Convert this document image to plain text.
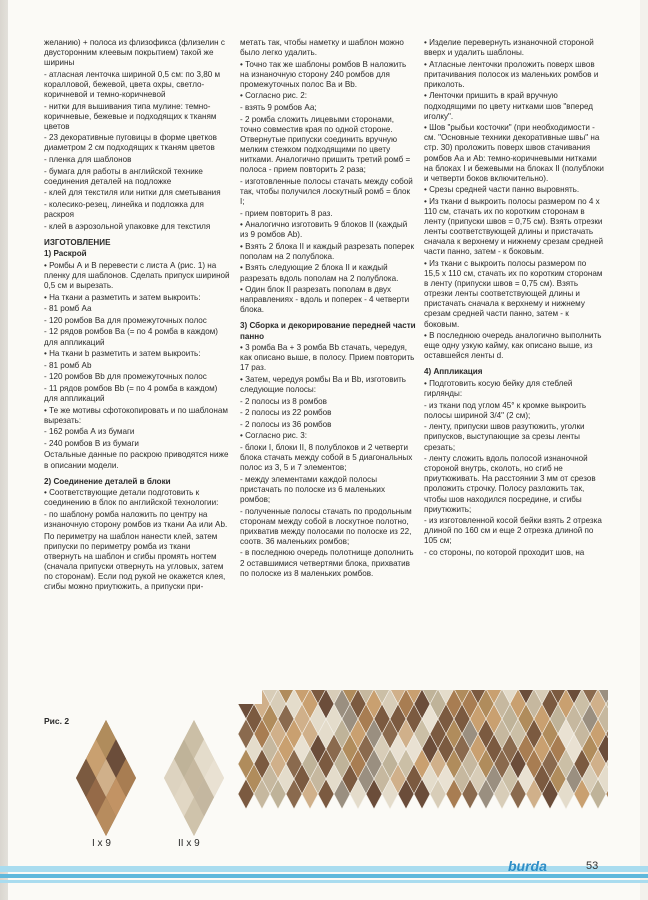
желанию) + полоса из флизофикса (флизелин с двусторонним клеевым покрытием) такой же ширины

- атласная ленточка шириной 0,5 см: по 3,80 м коралловой, бежевой, цвета охры, светло-коричневой и темно-коричневой

- нитки для вышивания типа мулине: темно-коричневые, бежевые и подходящих к тканям цветов

- 23 декоративные пуговицы в форме цветков диаметром 2 см подходящих к тканям цветов

- пленка для шаблонов

- бумага для работы в английской технике соединения деталей на подложке

- клей для текстиля или нитки для сметывания

- колесико-резец, линейка и подложка для раскроя

- клей в аэрозольной упаковке для текстиля

ИЗГОТОВЛЕНИЕ

1) Раскрой

• Ромбы А и В перевести с листа А (рис. 1) на пленку для шаблонов. Сделать припуск шириной 0,5 см и вырезать.

• На ткани а разметить и затем выкроить:

- 81 ромб Аа

- 120 ромбов Ва для промежуточных полос

- 12 рядов ромбов Ва (= по 4 ромба в каждом) для аппликаций

• На ткани b разметить и затем выкроить:

- 81 ромб Ab

- 120 ромбов Bb для промежуточных полос

- 11 рядов ромбов Bb (= по 4 ромба в каждом) для аппликаций

• Те же мотивы сфотокопировать и по шаблонам вырезать:

- 162 ромба А из бумаги

- 240 ромбов В из бумаги

Остальные данные по раскрою приводятся ниже в описании модели.

2) Соединение деталей в блоки

• Соответствующие детали подготовить к соединению в блок по английской технологии:

- по шаблону ромба наложить по центру на изнаночную сторону ромбов из ткани Аа или Ab.

По периметру на шаблон нанести клей, затем припуски по периметру ромба из ткани отвернуть на шаблон и сгибы промять ногтем (сначала припуски отвернуть на угловых, затем по сторонам). Если под рукой не окажется клея, сгибы можно приутюжить, а припуски при-

Рис. 2
I x 9	II x 9

метать так, чтобы наметку и шаблон можно было легко удалить.

• Точно так же шаблоны ромбов В наложить на изнаночную сторону 240 ромбов для промежуточных полос Ва и Bb.

• Согласно рис. 2:

- взять 9 ромбов Аа;

- 2 ромба сложить лицевыми сторонами, точно совместив края по одной стороне. Отвернутые припуски соединить вручную мелким стежком подходящими по цвету нитками. Аналогично пришить третий ромб = полоса - прием повторить 2 раза;

- изготовленные полосы стачать между собой так, чтобы получился лоскутный ромб = блок I;

- прием повторить 8 раз.

• Аналогично изготовить 9 блоков II (каждый из 9 ромбов Ab).

• Взять 2 блока II и каждый разрезать поперек пополам на 2 полублока.

• Взять следующие 2 блока II и каждый разрезать вдоль пополам на 2 полублока.

• Один блок II разрезать пополам в двух направлениях - вдоль и поперек - 4 четверти блока.

3) Сборка и декорирование передней части панно

• 3 ромба Ва + 3 ромба Bb стачать, чередуя, как описано выше, в полосу. Прием повторить 17 раз.

• Затем, чередуя ромбы Ва и Bb, изготовить следующие полосы:

- 2 полосы из 8 ромбов

- 2 полосы из 22 ромбов

- 2 полосы из 36 ромбов

• Согласно рис. 3:

- блоки I, блоки II, 8 полублоков и 2 четверти блока стачать между собой в 5 диагональных полос из 3, 5 и 7 элементов;

- между элементами каждой полосы пристачать по полоске из 6 маленьких ромбов;

- полученные полосы стачать по продольным сторонам между собой в лоскутное полотно, прихватив между полосами по полоске из 22, соотв. 36 маленьких ромбов;

- в последнюю очередь полотнище дополнить 2 оставшимися четвертями блока, прихватив по полоске из 8 маленьких ромбов.

• Изделие перевернуть изнаночной стороной вверх и удалить шаблоны.

• Атласные ленточки проложить поверх швов притачивания полосок из маленьких ромбов и приколоть.

• Ленточки пришить в край вручную подходящими по цвету нитками шов "вперед иголку".

• Шов "рыбьи косточки" (при необходимости - см. "Основные техники декоративные швы" на стр. 30) проложить поверх швов стачивания ромбов Аа и Ab: темно-коричневыми нитками на блоках I и бежевыми на блоках II (полублоки и четверти боков включительно).

• Срезы средней части панно выровнять.

• Из ткани d выкроить полосы размером по 4 х 110 см, стачать их по коротким сторонам в ленту (припуски швов = 0,75 см). Взять отрезки ленты соответствующей длины и пристачать сначала к верхнему и нижнему срезам средней части панно, затем - к боковым.

• Из ткани с выкроить полосы размером по 15,5 х 110 см, стачать их по коротким сторонам в ленту (припуски швов = 0,75 см). Взять отрезки ленты соответствующей длины и пристачать сначала к верхнему и нижнему срезам средней части панно, затем - к боковым.

• В последнюю очередь аналогично выполнить еще одну узкую кайму, как описано выше, из оставшейся ленты d.

4) Аппликация

• Подготовить косую бейку для стеблей гирлянды:

- из ткани под углом 45° к кромке выкроить полосы шириной 3/4" (2 см);

- ленту, припуски швов разутюжить, уголки припусков, выступающие за срезы ленты срезать;

- ленту сложить вдоль полосой изнаночной стороной внутрь, сколоть, но сгиб не приутюживать. На расстоянии 3 мм от срезов проложить строчку. Полосу разложить так, чтобы шов находился посредине, и сгибы приутюжить;

- из изготовленной косой бейки взять 2 отрезка длиной по 160 см и еще 2 отрезка длиной по 105 см;

- со стороны, по которой проходит шов, на

burda	53
